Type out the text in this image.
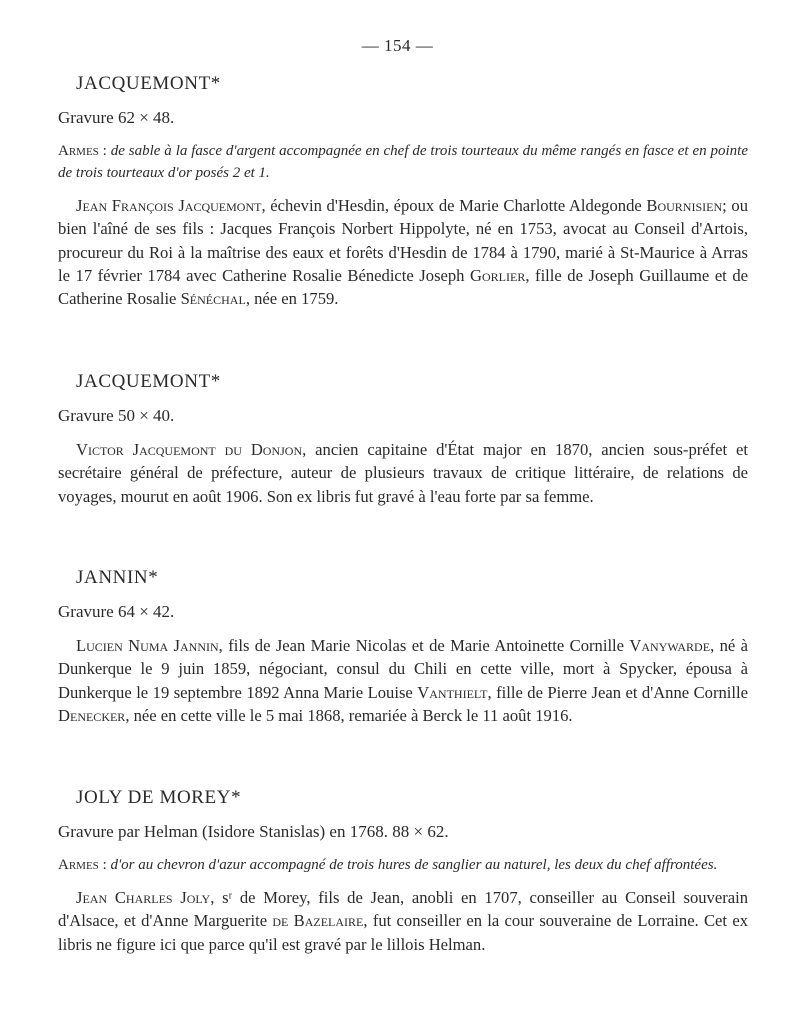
— 154 —
JACQUEMONT*
Gravure 62 × 48.
Armes : de sable à la fasce d'argent accompagnée en chef de trois tourteaux du même rangés en fasce et en pointe de trois tourteaux d'or posés 2 et 1.
Jean François Jacquemont, échevin d'Hesdin, époux de Marie Charlotte Aldegonde Bournisien; ou bien l'aîné de ses fils : Jacques François Norbert Hippolyte, né en 1753, avocat au Conseil d'Artois, procureur du Roi à la maîtrise des eaux et forêts d'Hesdin de 1784 à 1790, marié à St-Maurice à Arras le 17 février 1784 avec Catherine Rosalie Bénedicte Joseph Gorlier, fille de Joseph Guillaume et de Catherine Rosalie Sénéchal, née en 1759.
JACQUEMONT*
Gravure 50 × 40.
Victor Jacquemont du Donjon, ancien capitaine d'État major en 1870, ancien sous-préfet et secrétaire général de préfecture, auteur de plusieurs travaux de critique littéraire, de relations de voyages, mourut en août 1906. Son ex libris fut gravé à l'eau forte par sa femme.
JANNIN*
Gravure 64 × 42.
Lucien Numa Jannin, fils de Jean Marie Nicolas et de Marie Antoinette Cornille Vanywarde, né à Dunkerque le 9 juin 1859, négociant, consul du Chili en cette ville, mort à Spycker, épousa à Dunkerque le 19 septembre 1892 Anna Marie Louise Vanthielt, fille de Pierre Jean et d'Anne Cornille Denecker, née en cette ville le 5 mai 1868, remariée à Berck le 11 août 1916.
JOLY DE MOREY*
Gravure par Helman (Isidore Stanislas) en 1768. 88 × 62.
Armes : d'or au chevron d'azur accompagné de trois hures de sanglier au naturel, les deux du chef affrontées.
Jean Charles Joly, sʳ de Morey, fils de Jean, anobli en 1707, conseiller au Conseil souverain d'Alsace, et d'Anne Marguerite de Bazelaire, fut conseiller en la cour souveraine de Lorraine. Cet ex libris ne figure ici que parce qu'il est gravé par le lillois Helman.
